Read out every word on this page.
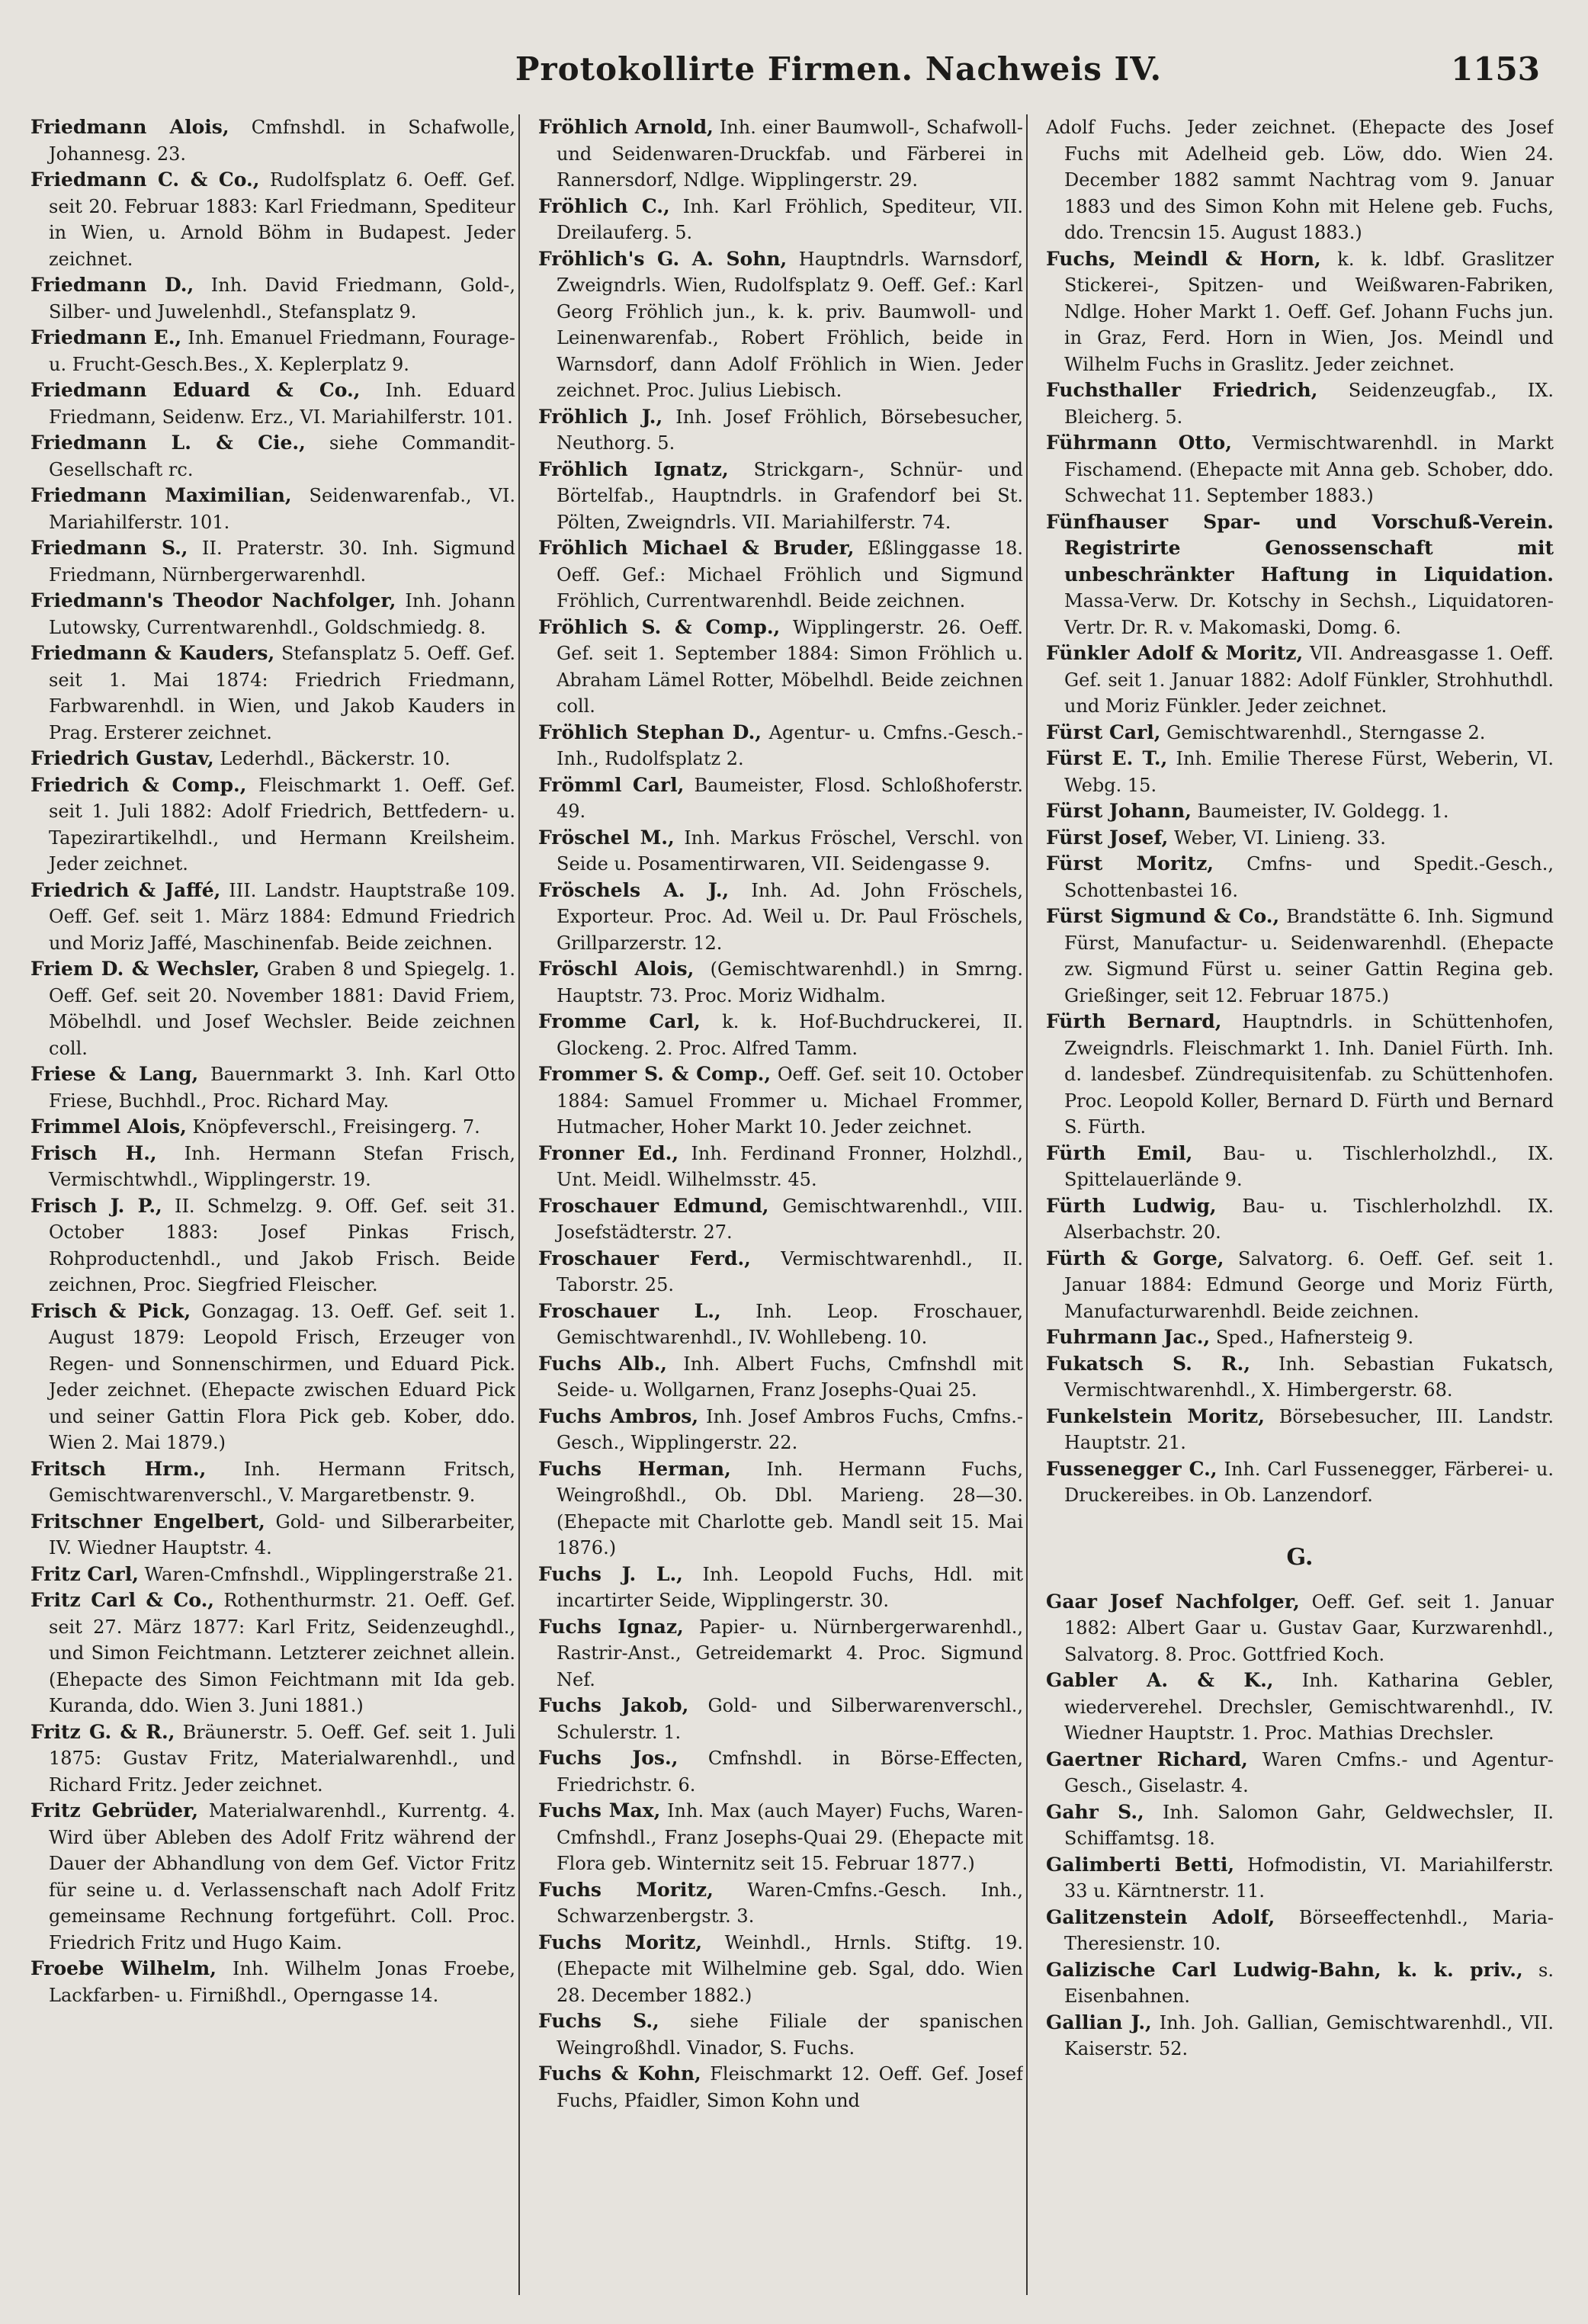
Protokollirte Firmen. Nachweis IV.	1153

Friedmann Alois, Cmfnshdl. in Schafwolle, Johannesg. 23.

Friedmann C. & Co., Rudolfsplatz 6. Oeff. Gef. seit 20. Februar 1883: Karl Friedmann, Spediteur in Wien, u. Arnold Böhm in Budapest. Jeder zeichnet.

Friedmann D., Inh. David Friedmann, Gold-, Silber- und Juwelenhdl., Stefansplatz 9.

Friedmann E., Inh. Emanuel Friedmann, Fourage- u. Frucht-Gesch.Bes., X. Keplerplatz 9.

Friedmann Eduard & Co., Inh. Eduard Friedmann, Seidenw. Erz., VI. Mariahilferstr. 101.

Friedmann L. & Cie., siehe Commandit-Gesellschaft rc.

Friedmann Maximilian, Seidenwarenfab., VI. Mariahilferstr. 101.

Friedmann S., II. Praterstr. 30. Inh. Sigmund Friedmann, Nürnbergerwarenhdl.

Friedmann's Theodor Nachfolger, Inh. Johann Lutowsky, Currentwarenhdl., Goldschmiedg. 8.

Friedmann & Kauders, Stefansplatz 5. Oeff. Gef. seit 1. Mai 1874: Friedrich Friedmann, Farbwarenhdl. in Wien, und Jakob Kauders in Prag. Ersterer zeichnet.

Friedrich Gustav, Lederhdl., Bäckerstr. 10.

Friedrich & Comp., Fleischmarkt 1. Oeff. Gef. seit 1. Juli 1882: Adolf Friedrich, Bettfedern- u. Tapezirartikelhdl., und Hermann Kreilsheim. Jeder zeichnet.

Friedrich & Jaffé, III. Landstr. Hauptstraße 109. Oeff. Gef. seit 1. März 1884: Edmund Friedrich und Moriz Jaffé, Maschinenfab. Beide zeichnen.

Friem D. & Wechsler, Graben 8 und Spiegelg. 1. Oeff. Gef. seit 20. November 1881: David Friem, Möbelhdl. und Josef Wechsler. Beide zeichnen coll.

Friese & Lang, Bauernmarkt 3. Inh. Karl Otto Friese, Buchhdl., Proc. Richard May.

Frimmel Alois, Knöpfeverschl., Freisingerg. 7.

Frisch H., Inh. Hermann Stefan Frisch, Vermischtwhdl., Wipplingerstr. 19.

Frisch J. P., II. Schmelzg. 9. Off. Gef. seit 31. October 1883: Josef Pinkas Frisch, Rohproductenhdl., und Jakob Frisch. Beide zeichnen, Proc. Siegfried Fleischer.

Frisch & Pick, Gonzagag. 13. Oeff. Gef. seit 1. August 1879: Leopold Frisch, Erzeuger von Regen- und Sonnenschirmen, und Eduard Pick. Jeder zeichnet. (Ehepacte zwischen Eduard Pick und seiner Gattin Flora Pick geb. Kober, ddo. Wien 2. Mai 1879.)

Fritsch Hrm., Inh. Hermann Fritsch, Gemischtwarenverschl., V. Margaretbenstr. 9.

Fritschner Engelbert, Gold- und Silberarbeiter, IV. Wiedner Hauptstr. 4.

Fritz Carl, Waren-Cmfnshdl., Wipplingerstraße 21.

Fritz Carl & Co., Rothenthurmstr. 21. Oeff. Gef. seit 27. März 1877: Karl Fritz, Seidenzeughdl., und Simon Feichtmann. Letzterer zeichnet allein. (Ehepacte des Simon Feichtmann mit Ida geb. Kuranda, ddo. Wien 3. Juni 1881.)

Fritz G. & R., Bräunerstr. 5. Oeff. Gef. seit 1. Juli 1875: Gustav Fritz, Materialwarenhdl., und Richard Fritz. Jeder zeichnet.

Fritz Gebrüder, Materialwarenhdl., Kurrentg. 4. Wird über Ableben des Adolf Fritz während der Dauer der Abhandlung von dem Gef. Victor Fritz für seine u. d. Verlassenschaft nach Adolf Fritz gemeinsame Rechnung fortgeführt. Coll. Proc. Friedrich Fritz und Hugo Kaim.

Froebe Wilhelm, Inh. Wilhelm Jonas Froebe, Lackfarben- u. Firnißhdl., Operngasse 14.

Fröhlich Arnold, Inh. einer Baumwoll-, Schafwoll- und Seidenwaren-Druckfab. und Färberei in Rannersdorf, Ndlge. Wipplingerstr. 29.

Fröhlich C., Inh. Karl Fröhlich, Spediteur, VII. Dreilauferg. 5.

Fröhlich's G. A. Sohn, Hauptndrls. Warnsdorf, Zweigndrls. Wien, Rudolfsplatz 9. Oeff. Gef.: Karl Georg Fröhlich jun., k. k. priv. Baumwoll- und Leinenwarenfab., Robert Fröhlich, beide in Warnsdorf, dann Adolf Fröhlich in Wien. Jeder zeichnet. Proc. Julius Liebisch.

Fröhlich J., Inh. Josef Fröhlich, Börsebesucher, Neuthorg. 5.

Fröhlich Ignatz, Strickgarn-, Schnür- und Börtelfab., Hauptndrls. in Grafendorf bei St. Pölten, Zweigndrls. VII. Mariahilferstr. 74.

Fröhlich Michael & Bruder, Eßlinggasse 18. Oeff. Gef.: Michael Fröhlich und Sigmund Fröhlich, Currentwarenhdl. Beide zeichnen.

Fröhlich S. & Comp., Wipplingerstr. 26. Oeff. Gef. seit 1. September 1884: Simon Fröhlich u. Abraham Lämel Rotter, Möbelhdl. Beide zeichnen coll.

Fröhlich Stephan D., Agentur- u. Cmfns.-Gesch.-Inh., Rudolfsplatz 2.

Frömml Carl, Baumeister, Flosd. Schloßhoferstr. 49.

Fröschel M., Inh. Markus Fröschel, Verschl. von Seide u. Posamentirwaren, VII. Seidengasse 9.

Fröschels A. J., Inh. Ad. John Fröschels, Exporteur. Proc. Ad. Weil u. Dr. Paul Fröschels, Grillparzerstr. 12.

Fröschl Alois, (Gemischtwarenhdl.) in Smrng. Hauptstr. 73. Proc. Moriz Widhalm.

Fromme Carl, k. k. Hof-Buchdruckerei, II. Glockeng. 2. Proc. Alfred Tamm.

Frommer S. & Comp., Oeff. Gef. seit 10. October 1884: Samuel Frommer u. Michael Frommer, Hutmacher, Hoher Markt 10. Jeder zeichnet.

Fronner Ed., Inh. Ferdinand Fronner, Holzhdl., Unt. Meidl. Wilhelmsstr. 45.

Froschauer Edmund, Gemischtwarenhdl., VIII. Josefstädterstr. 27.

Froschauer Ferd., Vermischtwarenhdl., II. Taborstr. 25.

Froschauer L., Inh. Leop. Froschauer, Gemischtwarenhdl., IV. Wohllebeng. 10.

Fuchs Alb., Inh. Albert Fuchs, Cmfnshdl mit Seide- u. Wollgarnen, Franz Josephs-Quai 25.

Fuchs Ambros, Inh. Josef Ambros Fuchs, Cmfns.-Gesch., Wipplingerstr. 22.

Fuchs Herman, Inh. Hermann Fuchs, Weingroßhdl., Ob. Dbl. Marieng. 28—30. (Ehepacte mit Charlotte geb. Mandl seit 15. Mai 1876.)

Fuchs J. L., Inh. Leopold Fuchs, Hdl. mit incartirter Seide, Wipplingerstr. 30.

Fuchs Ignaz, Papier- u. Nürnbergerwarenhdl., Rastrir-Anst., Getreidemarkt 4. Proc. Sigmund Nef.

Fuchs Jakob, Gold- und Silberwarenverschl., Schulerstr. 1.

Fuchs Jos., Cmfnshdl. in Börse-Effecten, Friedrichstr. 6.

Fuchs Max, Inh. Max (auch Mayer) Fuchs, Waren-Cmfnshdl., Franz Josephs-Quai 29. (Ehepacte mit Flora geb. Winternitz seit 15. Februar 1877.)

Fuchs Moritz, Waren-Cmfns.-Gesch. Inh., Schwarzenbergstr. 3.

Fuchs Moritz, Weinhdl., Hrnls. Stiftg. 19. (Ehepacte mit Wilhelmine geb. Sgal, ddo. Wien 28. December 1882.)

Fuchs S., siehe Filiale der spanischen Weingroßhdl. Vinador, S. Fuchs.

Fuchs & Kohn, Fleischmarkt 12. Oeff. Gef. Josef Fuchs, Pfaidler, Simon Kohn und

Adolf Fuchs. Jeder zeichnet. (Ehepacte des Josef Fuchs mit Adelheid geb. Löw, ddo. Wien 24. December 1882 sammt Nachtrag vom 9. Januar 1883 und des Simon Kohn mit Helene geb. Fuchs, ddo. Trencsin 15. August 1883.)

Fuchs, Meindl & Horn, k. k. ldbf. Graslitzer Stickerei-, Spitzen- und Weißwaren-Fabriken, Ndlge. Hoher Markt 1. Oeff. Gef. Johann Fuchs jun. in Graz, Ferd. Horn in Wien, Jos. Meindl und Wilhelm Fuchs in Graslitz. Jeder zeichnet.

Fuchsthaller Friedrich, Seidenzeugfab., IX. Bleicherg. 5.

Führmann Otto, Vermischtwarenhdl. in Markt Fischamend. (Ehepacte mit Anna geb. Schober, ddo. Schwechat 11. September 1883.)

Fünfhauser Spar- und Vorschuß-Verein. Registrirte Genossenschaft mit unbeschränkter Haftung in Liquidation. Massa-Verw. Dr. Kotschy in Sechsh., Liquidatoren-Vertr. Dr. R. v. Makomaski, Domg. 6.

Fünkler Adolf & Moritz, VII. Andreasgasse 1. Oeff. Gef. seit 1. Januar 1882: Adolf Fünkler, Strohhuthdl. und Moriz Fünkler. Jeder zeichnet.

Fürst Carl, Gemischtwarenhdl., Sterngasse 2.

Fürst E. T., Inh. Emilie Therese Fürst, Weberin, VI. Webg. 15.

Fürst Johann, Baumeister, IV. Goldegg. 1.

Fürst Josef, Weber, VI. Linieng. 33.

Fürst Moritz, Cmfns- und Spedit.-Gesch., Schottenbastei 16.

Fürst Sigmund & Co., Brandstätte 6. Inh. Sigmund Fürst, Manufactur- u. Seidenwarenhdl. (Ehepacte zw. Sigmund Fürst u. seiner Gattin Regina geb. Grießinger, seit 12. Februar 1875.)

Fürth Bernard, Hauptndrls. in Schüttenhofen, Zweigndrls. Fleischmarkt 1. Inh. Daniel Fürth. Inh. d. landesbef. Zündrequisitenfab. zu Schüttenhofen. Proc. Leopold Koller, Bernard D. Fürth und Bernard S. Fürth.

Fürth Emil, Bau- u. Tischlerholzhdl., IX. Spittelauerlände 9.

Fürth Ludwig, Bau- u. Tischlerholzhdl. IX. Alserbachstr. 20.

Fürth & Gorge, Salvatorg. 6. Oeff. Gef. seit 1. Januar 1884: Edmund George und Moriz Fürth, Manufacturwarenhdl. Beide zeichnen.

Fuhrmann Jac., Sped., Hafnersteig 9.

Fukatsch S. R., Inh. Sebastian Fukatsch, Vermischtwarenhdl., X. Himbergerstr. 68.

Funkelstein Moritz, Börsebesucher, III. Landstr. Hauptstr. 21.

Fussenegger C., Inh. Carl Fussenegger, Färberei- u. Druckereibes. in Ob. Lanzendorf.

G.

Gaar Josef Nachfolger, Oeff. Gef. seit 1. Januar 1882: Albert Gaar u. Gustav Gaar, Kurzwarenhdl., Salvatorg. 8. Proc. Gottfried Koch.

Gabler A. & K., Inh. Katharina Gebler, wiederverehel. Drechsler, Gemischtwarenhdl., IV. Wiedner Hauptstr. 1. Proc. Mathias Drechsler.

Gaertner Richard, Waren Cmfns.- und Agentur-Gesch., Giselastr. 4.

Gahr S., Inh. Salomon Gahr, Geldwechsler, II. Schiffamtsg. 18.

Galimberti Betti, Hofmodistin, VI. Mariahilferstr. 33 u. Kärntnerstr. 11.

Galitzenstein Adolf, Börseeffectenhdl., Maria-Theresienstr. 10.

Galizische Carl Ludwig-Bahn, k. k. priv., s. Eisenbahnen.

Gallian J., Inh. Joh. Gallian, Gemischtwarenhdl., VII. Kaiserstr. 52.
